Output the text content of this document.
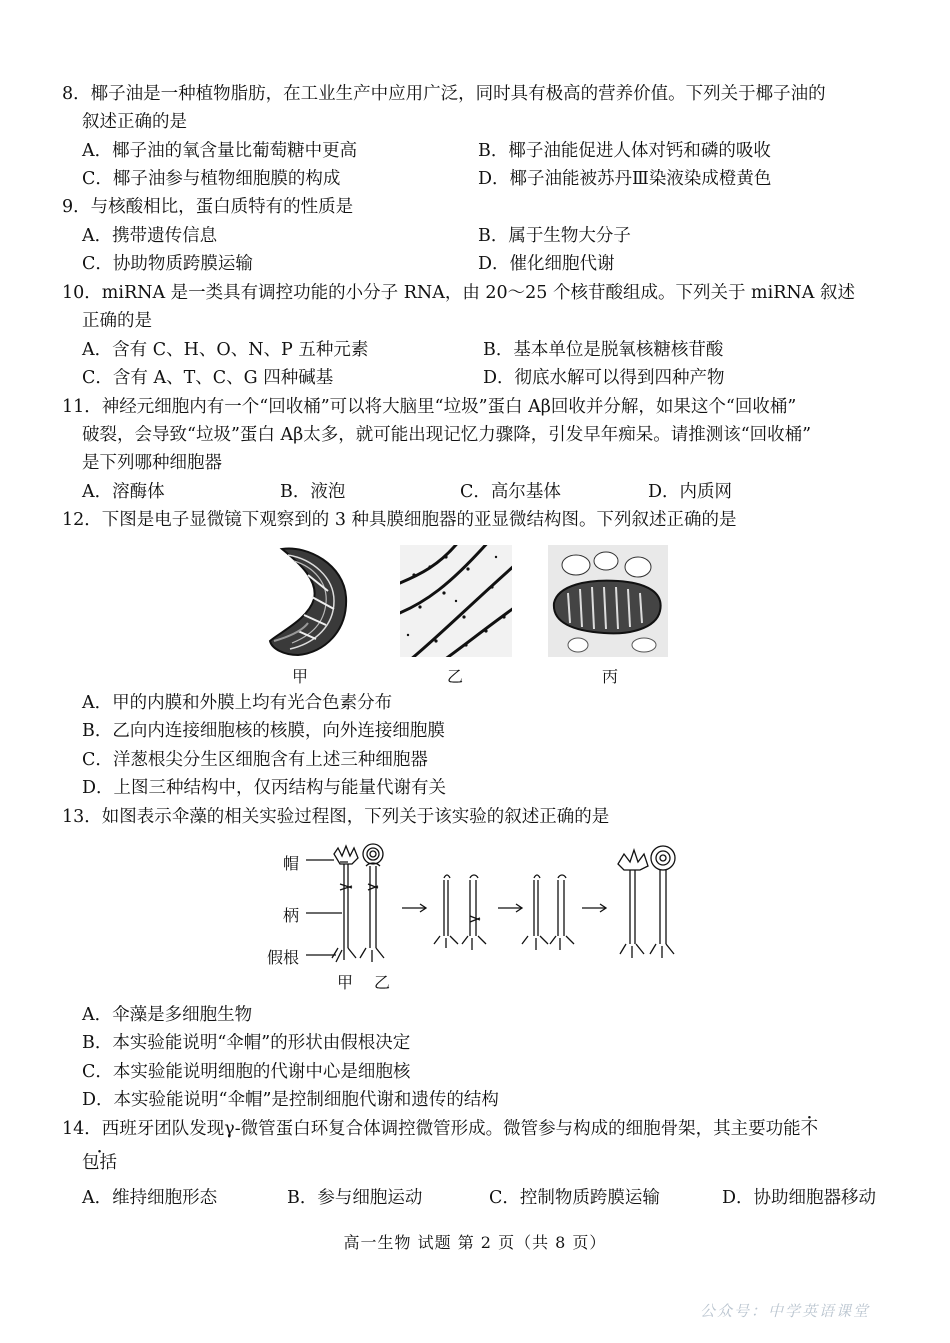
8．椰子油是一种植物脂肪，在工业生产中应用广泛，同时具有极高的营养价值。下列关于椰子油的
叙述正确的是
A．椰子油的氧含量比葡萄糖中更高	B．椰子油能促进人体对钙和磷的吸收
C．椰子油参与植物细胞膜的构成	D．椰子油能被苏丹Ⅲ染液染成橙黄色
9．与核酸相比，蛋白质特有的性质是
A．携带遗传信息	B．属于生物大分子
C．协助物质跨膜运输	D．催化细胞代谢
10．miRNA 是一类具有调控功能的小分子 RNA，由 20～25 个核苷酸组成。下列关于 miRNA 叙述
正确的是
A．含有 C、H、O、N、P 五种元素	B．基本单位是脱氧核糖核苷酸
C．含有 A、T、C、G 四种碱基	D．彻底水解可以得到四种产物
11．神经元细胞内有一个“回收桶”可以将大脑里“垃圾”蛋白 Aβ回收并分解，如果这个“回收桶”
破裂，会导致“垃圾”蛋白 Aβ太多，就可能出现记忆力骤降，引发早年痴呆。请推测该“回收桶”
是下列哪种细胞器
A．溶酶体	B．液泡	C．高尔基体	D．内质网
12．下图是电子显微镜下观察到的 3 种具膜细胞器的亚显微结构图。下列叙述正确的是
甲	乙	丙
A．甲的内膜和外膜上均有光合色素分布
B．乙向内连接细胞核的核膜，向外连接细胞膜
C．洋葱根尖分生区细胞含有上述三种细胞器
D．上图三种结构中，仅丙结构与能量代谢有关
13．如图表示伞藻的相关实验过程图，下列关于该实验的叙述正确的是
帽
柄
假根
甲 乙
A．伞藻是多细胞生物
B．本实验能说明“伞帽”的形状由假根决定
C．本实验能说明细胞的代谢中心是细胞核
D．本实验能说明“伞帽”是控制细胞代谢和遗传的结构
14．西班牙团队发现γ-微管蛋白环复合体调控微管形成。微管参与构成的细胞骨架，其主要功能不
包括
A．维持细胞形态	B．参与细胞运动	C．控制物质跨膜运输	D．协助细胞器移动
高一生物 试题 第 2 页（共 8 页）
公众号：中学英语课堂
